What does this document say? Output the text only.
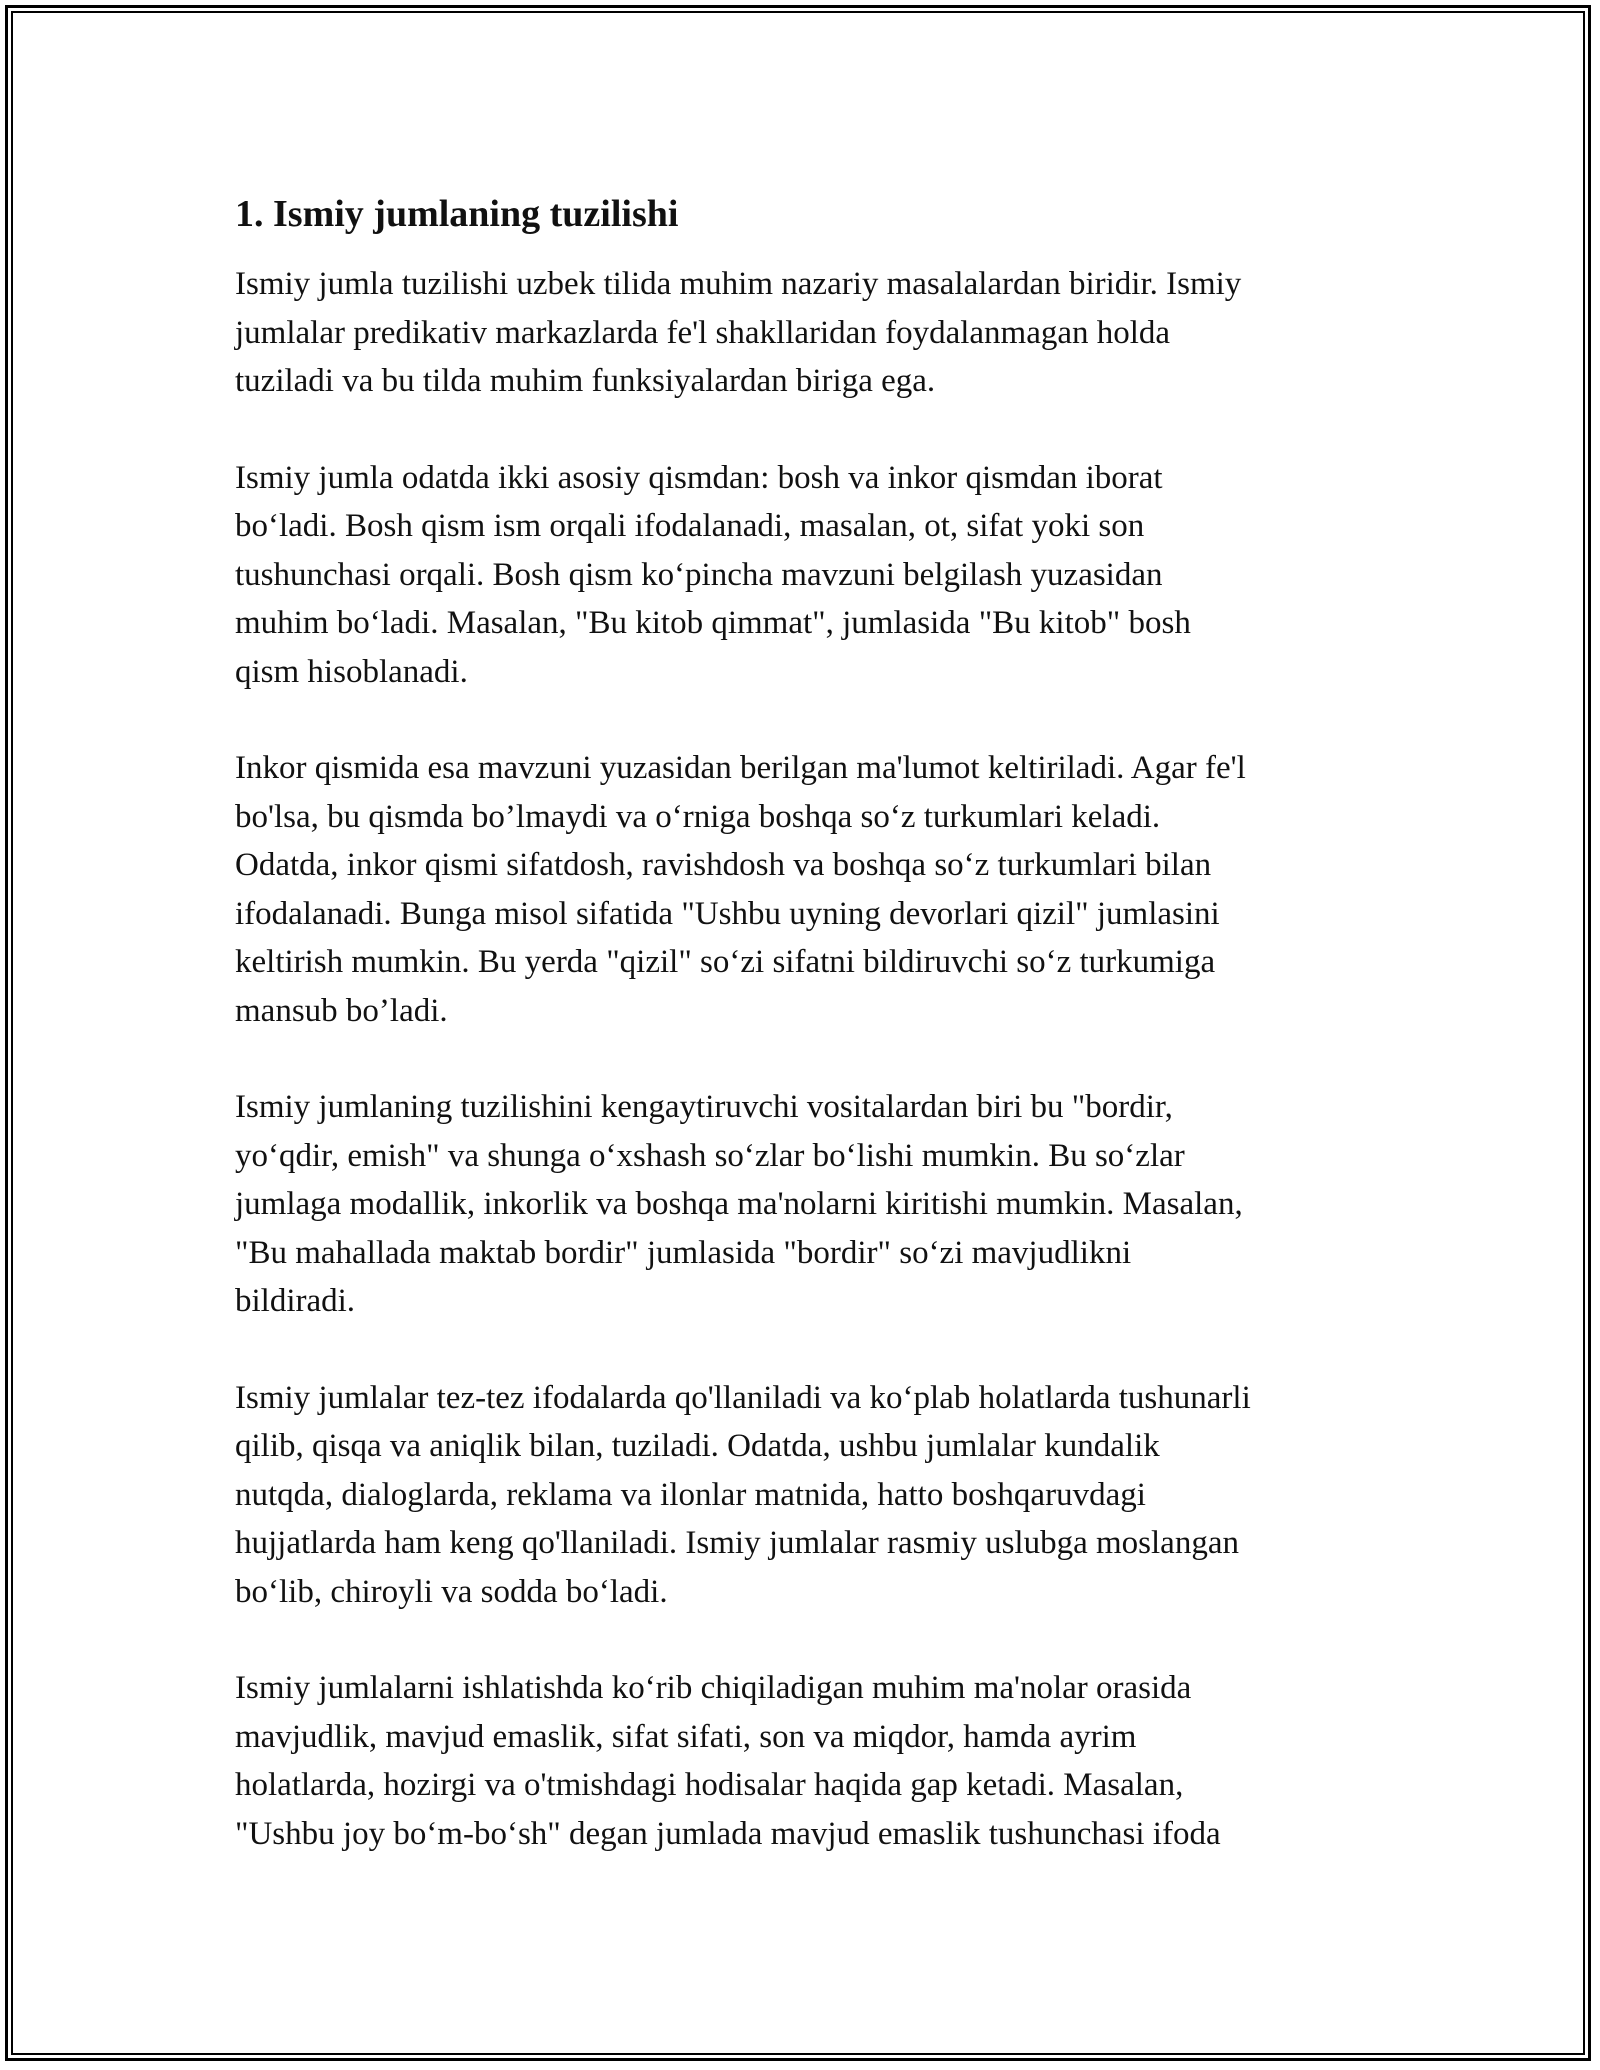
1. Ismiy jumlaning tuzilishi

Ismiy jumla tuzilishi uzbek tilida muhim nazariy masalalardan biridir. Ismiy
jumlalar predikativ markazlarda fe'l shakllaridan foydalanmagan holda
tuziladi va bu tilda muhim funksiyalardan biriga ega.

Ismiy jumla odatda ikki asosiy qismdan: bosh va inkor qismdan iborat
bo‘ladi. Bosh qism ism orqali ifodalanadi, masalan, ot, sifat yoki son
tushunchasi orqali. Bosh qism ko‘pincha mavzuni belgilash yuzasidan
muhim bo‘ladi. Masalan, "Bu kitob qimmat", jumlasida "Bu kitob" bosh
qism hisoblanadi.

Inkor qismida esa mavzuni yuzasidan berilgan ma'lumot keltiriladi. Agar fe'l
bo'lsa, bu qismda bo’lmaydi va o‘rniga boshqa so‘z turkumlari keladi.
Odatda, inkor qismi sifatdosh, ravishdosh va boshqa so‘z turkumlari bilan
ifodalanadi. Bunga misol sifatida "Ushbu uyning devorlari qizil" jumlasini
keltirish mumkin. Bu yerda "qizil" so‘zi sifatni bildiruvchi so‘z turkumiga
mansub bo’ladi.

Ismiy jumlaning tuzilishini kengaytiruvchi vositalardan biri bu "bordir,
yo‘qdir, emish" va shunga o‘xshash so‘zlar bo‘lishi mumkin. Bu so‘zlar
jumlaga modallik, inkorlik va boshqa ma'nolarni kiritishi mumkin. Masalan,
"Bu mahallada maktab bordir" jumlasida "bordir" so‘zi mavjudlikni
bildiradi.

Ismiy jumlalar tez-tez ifodalarda qo'llaniladi va ko‘plab holatlarda tushunarli
qilib, qisqa va aniqlik bilan, tuziladi. Odatda, ushbu jumlalar kundalik
nutqda, dialoglarda, reklama va ilonlar matnida, hatto boshqaruvdagi
hujjatlarda ham keng qo'llaniladi. Ismiy jumlalar rasmiy uslubga moslangan
bo‘lib, chiroyli va sodda bo‘ladi.

Ismiy jumlalarni ishlatishda ko‘rib chiqiladigan muhim ma'nolar orasida
mavjudlik, mavjud emaslik, sifat sifati, son va miqdor, hamda ayrim
holatlarda, hozirgi va o'tmishdagi hodisalar haqida gap ketadi. Masalan,
"Ushbu joy bo‘m-bo‘sh" degan jumlada mavjud emaslik tushunchasi ifoda
